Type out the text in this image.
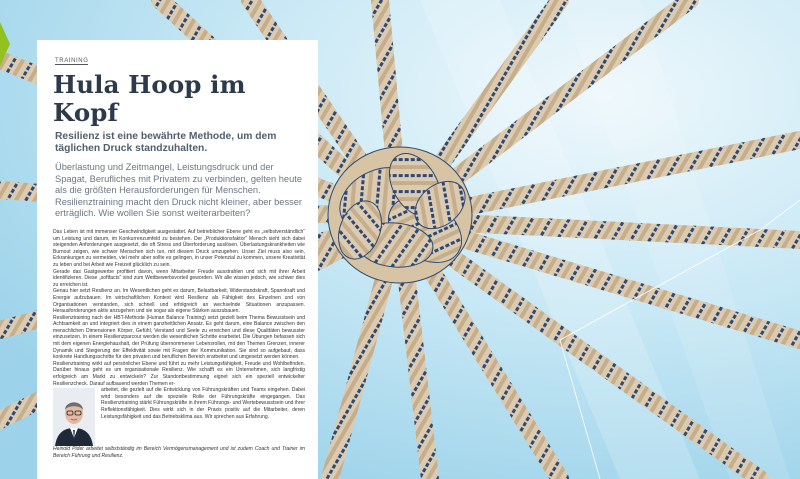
TRAINING
Hula Hoop im Kopf
Resilienz ist eine bewährte Methode, um dem täglichen Druck standzuhalten.
Überlastung und Zeitmangel, Leistungsdruck und der Spagat, Berufliches mit Privatem zu verbinden, gelten heute als die größten Herausforderungen für Menschen. Resilienztraining macht den Druck nicht kleiner, aber besser erträglich. Wie wollen Sie sonst weiterarbeiten?

Das Leben ist mit immenser Geschwindigkeit ausgestattet. Auf betrieblicher Ebene geht es „selbstverständlich“ um Leistung und darum, im Konkurrenzumfeld zu bestehen. Der „Produktionsfaktor“ Mensch sieht sich dabei steigenden Anforderungen ausgesetzt, die oft Stress und Überforderung auslösen. Überlastungskrankheiten wie Burnout zeigen, wie schwer Menschen sich tun, mit diesem Druck umzugehen. Unser Ziel muss also sein, Erkrankungen zu vermeiden, viel mehr aber sollte es gelingen, in unser Potenzial zu kommen, unsere Kreativität zu leben und bei Arbeit wie Freizeit glücklich zu sein.

Gerade das Gastgewerbe profitiert davon, wenn Mitarbeiter Freude ausstrahlen und sich mit ihrer Arbeit identifizieren. Diese „softfacts“ sind zum Wettbewerbsvorteil geworden. Wir alle wissen jedoch, wie schwer dies zu erreichen ist.

Genau hier setzt Resilienz an. Im Wesentlichen geht es darum, Belastbarkeit, Widerstandskraft, Spannkraft und Energie aufzubauen. Im wirtschaftlichen Kontext wird Resilienz als Fähigkeit des Einzelnen und von Organisationen verstanden, sich schnell und erfolgreich an wechselnde Situationen anzupassen. Herausforderungen aktiv anzugehen und sie sogar als eigene Stärken auszubauen.

Resilienztraining nach der HBT-Methode (Human Balance Training) setzt gezielt beim Thema Bewusstsein und Achtsamkeit an und integriert dies in einem ganzheitlichen Ansatz. Es geht darum, eine Balance zwischen den menschlichen Dimensionen Körper, Gefühl, Verstand und Seele zu erreichen und diese Qualitäten bewusster einzusetzen. In einem Resilienzparcour werden die wesentlichen Schritte erarbeitet. Die Übungen befassen sich mit dem eigenen Energiehaushalt, der Prüfung übernommener Lebensrollen, mit den Themen Grenzen, innerer Dynamik und Steigerung der Effektivität sowie mit Fragen der Kommunikation. Sie sind so aufgebaut, dass konkrete Handlungsschritte für den privaten und beruflichen Bereich erarbeitet und umgesetzt werden können.

Resilienztraining wirkt auf persönlicher Ebene und führt zu mehr Leistungsfähigkeit, Freude und Wohlbefinden. Darüber hinaus geht es um organisationale Resilienz. Wie schafft es ein Unternehmen, sich langfristig erfolgreich am Markt zu entwickeln? Zur Standortbestimmung eignet sich ein speziell entwickelter Resilienzcheck. Darauf aufbauend werden Themen er-

arbeitet, die gezielt auf die Entwicklung von Führungskräften und Teams eingehen. Dabei wird besonders auf die spezielle Rolle der Führungskräfte eingegangen. Das Resilienztraining stärkt Führungskräfte in ihrem Führungs- und Wertebewusstsein und ihrer Reflektionsfähigkeit. Dies wirkt sich in der Praxis positiv auf die Mitarbeiter, deren Leistungsfähigkeit und das Betriebsklima aus. Wir sprechen aus Erfahrung.

Heinold Pider arbeitet selbstständig im Bereich Vermögensmanagement und ist zudem Coach und Trainer im Bereich Führung und Resilienz.
